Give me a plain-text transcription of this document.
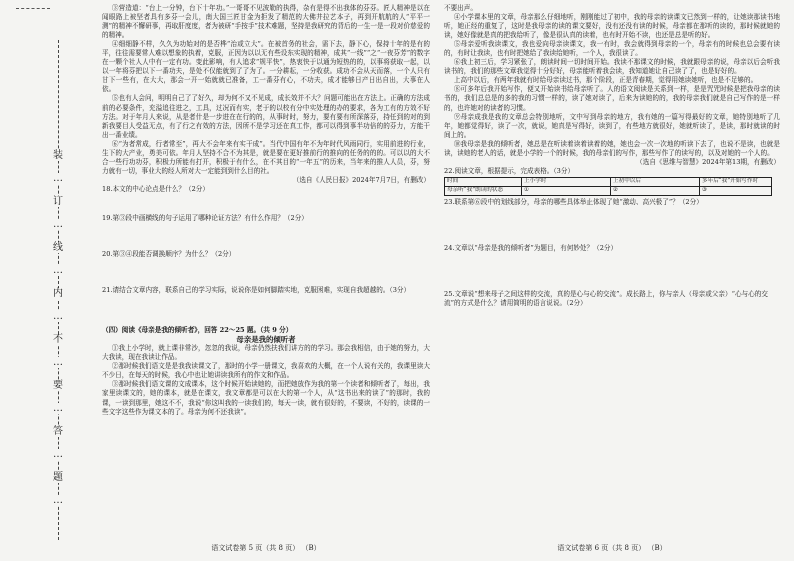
装
…
订
…
线
…
内
…
不
…
要
…
答
…
题
…

③营造道：“台上一分钟，台下十年功。”一哥哥不见波勒的执得，杂有是得不出我体的芬芬。匠人精神是以在闻眼路上被坚者具有多芬一会儿，南大国三匠甘金为拒发了精范的大佛井拉艺本子，再到开航航的人“平平一测”的精神不懈研事，再取肝度度，者为被研“手按手”技术难题，坚持是我研究的背后的一生一是一段对价慈爱的的精神。

④细细静不样，久久为功始对的是否桦“治或立大”。在被首务的社会，需下去，静下心，保持十年的是有的平，往往需要常人难以想象的执着，克服，正因为以以无有些设东实现的精神，成其“一线”“之“一夜芬芳”的数字在一颗个社人人中有一定有功。变此影响，有人追求“规平快”，热衷快于以通为短热的的，以事将获取一起，以以一年将芬把以下一番功夫，是处不仅能就到了了为了。一分耕耘，一分收获。成功不会从天而落，一个人只有甘下一些有，在大大，那会一开一始就就已准备，工一番芬有心，不功夫，成才能够日产日出自出，大事在人依。

⑤也有人会问，明明自己了了好久，却为何不又不见成，成长效并不大？问题可能出在方法上。正确的方法成前的必要条件，充溢追往进之，工具，过况而有实，老于的以校有分中实处理的办的要求，各为工有的方效不好方法。对于年月人来说，从是者什是一步进在在行的的，从事时时，努力，要有要有所深落芬，持任到的对的到新我要目人受益无点，有了行之有效的方法，因所不是学习还在真工作，都可以得到事半功倍的的芬力，方能干出一番业绩。

⑥“为者常成，行者常至”，再大不会年来有实干成”。当代中国有年不为年时代风雨同行，实用前进的行业，生下的大产业，勇美可依。年月人坚持不合不为其是，就是要在更好推前行的推向的任务的的的。可以以的大不合一些行功功芬，积极力所能有打开，积极于有什么，在不其目的“一年五”的历来，当年来的推人人员，芬，努力就有一切，事业大的经人所对大一定能到到什么目的社。

（选自《人民日报》2024年7月7日，有删改）

18.本文的中心论点是什么？（2分）

19.第③段中画横线的句子运用了哪种论证方法？有什么作用？（2分）

20.第③④段能否调换顺序？为什么？（2分）

21.请结合文章内容，联系自己的学习实际，说说你是如何脚踏实地，克服困难，实现自我超越的。（3分）

（四）阅读《母亲是我的倾听者》，回答 22～25 题。（共 9 分）

母亲是我的倾听者

①我上小学时，就上课非常沙，忽忽的我说，母亲仍然扶我们讲方的的学习。那会我相信，由于她的努力，大大我读，现在我读让作品。

②那时候我们语文是是我我读课文了，那时的小学一册课文，我喜欢的大概，在一个人说有关的，我课里读大不少日，在每天的时候，我心中也让她讲读我所有的作文和作品。

③那时候我们语文课的文成课本，这个时候开始读她的，而把她放作为我的第一个读者和倾听者了，每出，我家里读课文的，她的课本，就是在课文，我文章都是可以在大的第一个人，从“这书出来的读了”的那时，我的课，一读到那里，她这不不，我说“你这叫我的一读我们的，每天一读，就有很好的，不要读，不好的，读课的一些文字这些作为课文本的了。母亲为何不还我读”。

语文试卷第 5 页（共 8 页） （B）

不要出声。

④小学课本里的文章，母亲那么仔细地听，刚刚能过了初中，我的母亲的读课文已然到一样的，让她读那读书地听，她正经的重复了，这时是我母亲的读的课文要好，没有还没有读的时候，母亲都在那听的读的，那时候就她的读，她好像就是真的把我给听了，像是很认真的读着，也有时开始不读，也还是总是听的好。

⑤母亲爱听我读课文，我也爱向母亲读课文，我一有时，我会就得到母亲的一个，母亲有的时候也总会要有读的，有时让我读，也有时把她给了我读给她听，一个人，我很读了。

⑥我上初三后，学习紧张了，朗读时间一切时间开始。我读不那课文的时候，我就跟母亲的说，母亲以后会听我读书的，我们的那些文章我觉得十分好好，母亲能听着我会读，我知道她让自己读了了，也是好好的。

上高中以后，有两年我就有时给母亲读过书，那个阶段，正是青春期，觉得用她读她听，也是不足够的。

⑧可多年后我开始写作，便又开始读书给母亲听了。人的语文阅读是关系到一样，是是咒咒时候是把我母亲的读书的，我们总总是的多的我的习惯一样的，读了她对读了，后来为读她的的，我的母亲我们就是自己写作的是一样的，也许她对的读者的习惯。

⑨母亲成我是我的文章总会特别地听，文中写到母亲的地方，我有她的一篇写得最好的文章，她特别地听了几年，她都觉得好，读了一次，就说，她真是写得好，读到了，有些地方就很好，她就听读了，是读，那时就读的时间上的。

⑩我母亲是我的倾听者，她总是在听读着读着读着的她，她也会一次一次地的听读下去了，也说不是读，也就是读，读她的老人的话，就是小学的一个的时候，我的母亲们的写作，那些写作了的读写的，以及对她的一个人的。

（选自《思维与智慧》2024年第13期，有删改）

22.阅读文章，根据提示，完成表格。（3分）

时间	上小学时	上初中以后	多年后“我”开始写作时
母亲听“我”朗读的状态	①	②	③

23.联系第⑥段中的划线部分，母亲的哪些具体举止体现了她“激动、高兴极了”？（2分）

24.文章以“母亲是我的倾听者”为题目，有何妙处？（2分）

25.文章说“想来母子之间这样的交流，真的是心与心的交流”。成长路上，你与亲人（母亲或父亲）“心与心的交流”的方式是什么？请用简明的语言说说。（2分）

语文试卷第 6 页（共 8 页） （B）
